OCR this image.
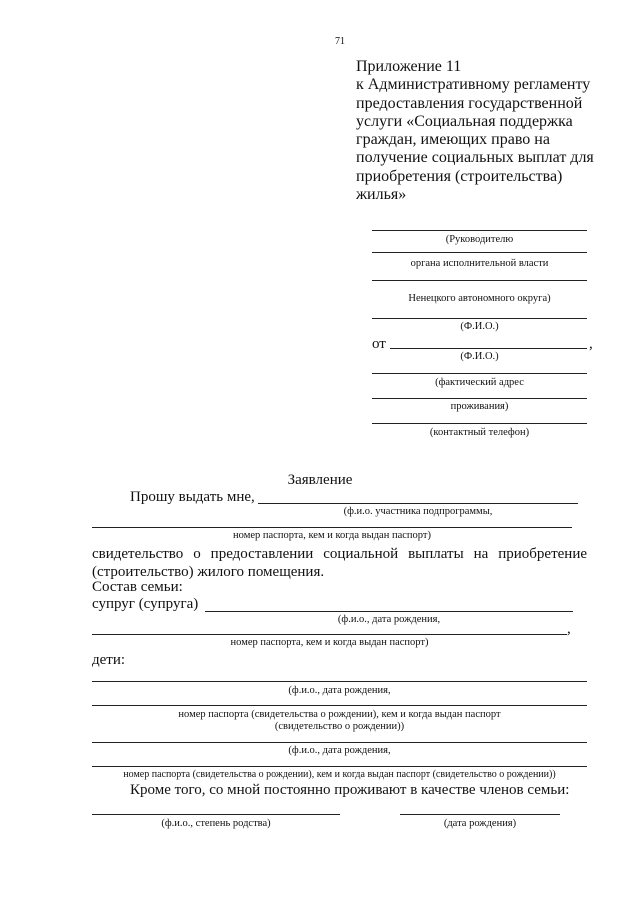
71
Приложение 11
к Административному регламенту
предоставления государственной
услуги «Социальная поддержка
граждан, имеющих право на
получение социальных выплат для
приобретения (строительства)
жилья»
(Руководителю
органа исполнительной власти
Ненецкого автономного округа)
(Ф.И.О.)
от	,
(Ф.И.О.)
(фактический адрес
проживания)
(контактный телефон)
Заявление
Прошу выдать мне,
(ф.и.о. участника подпрограммы,
номер паспорта, кем и когда выдан паспорт)
свидетельство о предоставлении социальной выплаты на приобретение
(строительство) жилого помещения.
Состав семьи:
супруг (супруга)
(ф.и.о., дата рождения,
,
номер паспорта, кем и когда выдан паспорт)
дети:
(ф.и.о., дата рождения,
номер паспорта (свидетельства о рождении), кем и когда выдан паспорт
(свидетельство о рождении))
(ф.и.о., дата рождения,
номер паспорта (свидетельства о рождении), кем и когда выдан паспорт (свидетельство о рождении))
Кроме того, со мной постоянно проживают в качестве членов семьи:
(ф.и.о., степень родства)	(дата рождения)
